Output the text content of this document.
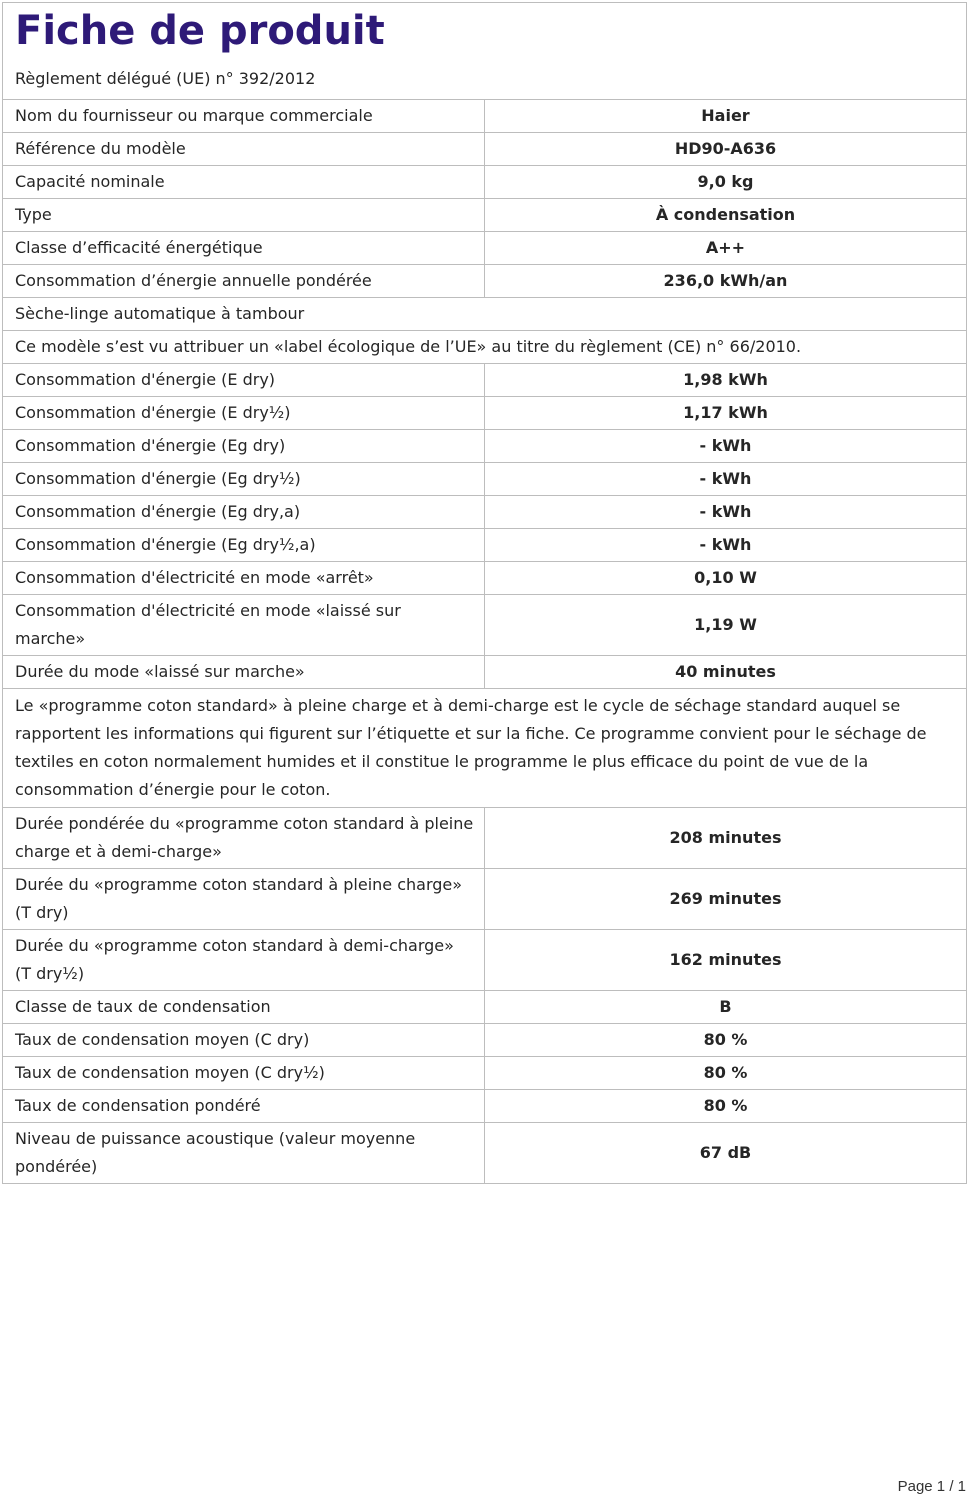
Fiche de produit	
Règlement délégué (UE) n° 392/2012	
Nom du fournisseur ou marque commerciale	Haier
Référence du modèle	HD90-A636
Capacité nominale	9,0 kg
Type	À condensation
Classe d’efficacité énergétique	A++
Consommation d’énergie annuelle pondérée	236,0 kWh/an
Sèche-linge automatique à tambour	
Ce modèle s’est vu attribuer un «label écologique de l’UE» au titre du règlement (CE) n° 66/2010.	
Consommation d'énergie (E dry)	1,98 kWh
Consommation d'énergie (E dry½)	1,17 kWh
Consommation d'énergie (Eg dry)	- kWh
Consommation d'énergie (Eg dry½)	- kWh
Consommation d'énergie (Eg dry,a)	- kWh
Consommation d'énergie (Eg dry½,a)	- kWh
Consommation d'électricité en mode «arrêt»	0,10 W
Consommation d'électricité en mode «laissé sur marche»	1,19 W
Durée du mode «laissé sur marche»	40 minutes
Le «programme coton standard» à pleine charge et à demi-charge est le cycle de séchage standard auquel se rapportent les informations qui figurent sur l’étiquette et sur la fiche. Ce programme convient pour le séchage de textiles en coton normalement humides et il constitue le programme le plus efficace du point de vue de la consommation d’énergie pour le coton.	
Durée pondérée du «programme coton standard à pleine charge et à demi-charge»	208 minutes
Durée du «programme coton standard à pleine charge» (T dry)	269 minutes
Durée du «programme coton standard à demi-charge» (T dry½)	162 minutes
Classe de taux de condensation	B
Taux de condensation moyen (C dry)	80 %
Taux de condensation moyen (C dry½)	80 %
Taux de condensation pondéré	80 %
Niveau de puissance acoustique (valeur moyenne pondérée)	67 dB
Page 1 / 1
